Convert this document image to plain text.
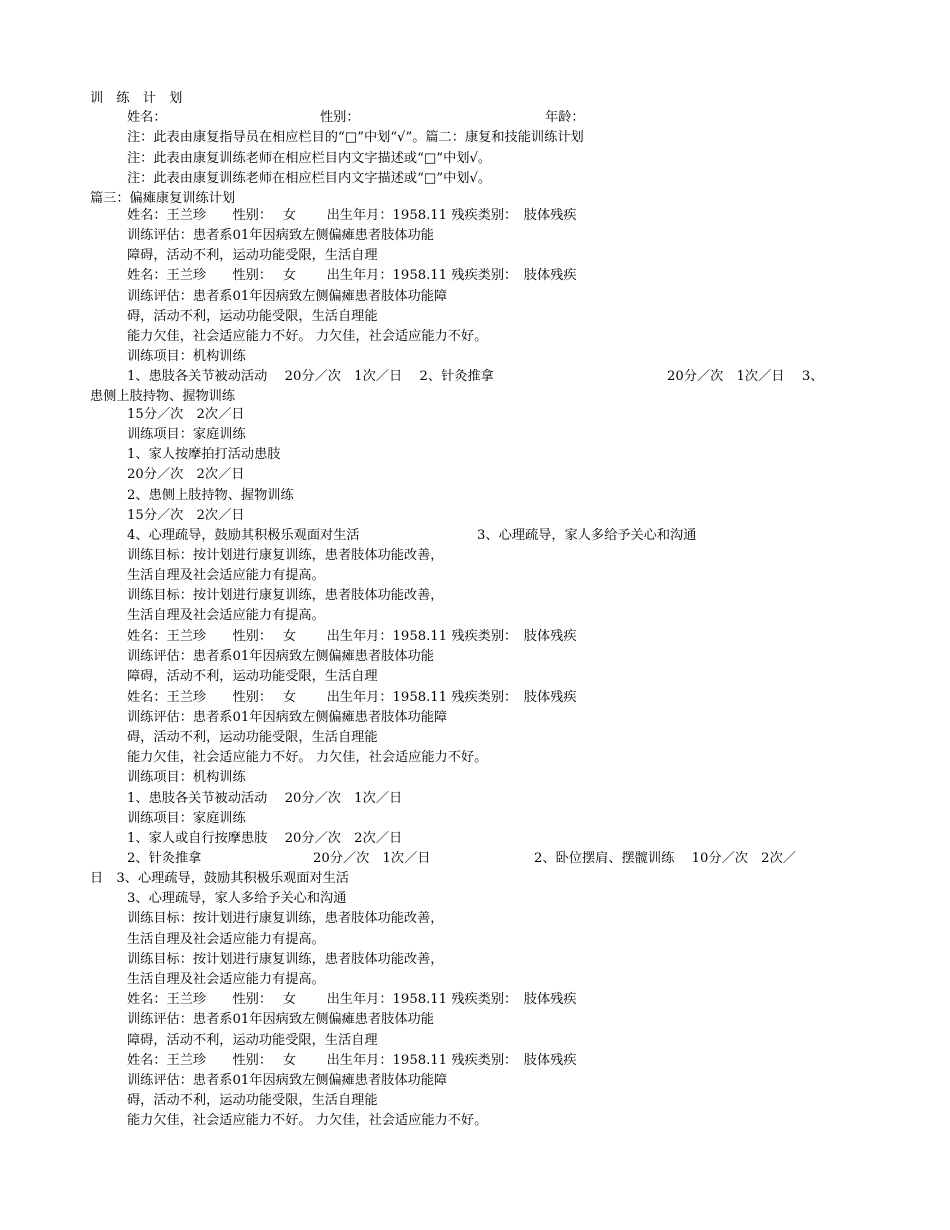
训　练　计　划
姓名：	性别：	年龄：
注：此表由康复指导员在相应栏目的“□”中划“√”。篇二：康复和技能训练计划
注：此表由康复训练老师在相应栏目内文字描述或“□”中划√。
注：此表由康复训练老师在相应栏目内文字描述或“□”中划√。
篇三：偏瘫康复训练计划
姓名：王兰珍　　性别：　 女　　 出生年月：1958.11 残疾类别：　肢体残疾
训练评估：患者系01年因病致左侧偏瘫患者肢体功能
障碍，活动不利，运动功能受限，生活自理
姓名：王兰珍　　性别：　 女　　 出生年月：1958.11 残疾类别：　肢体残疾
训练评估：患者系01年因病致左侧偏瘫患者肢体功能障
碍，活动不利，运动功能受限，生活自理能
能力欠佳，社会适应能力不好。 力欠佳，社会适应能力不好。
训练项目：机构训练
1、患肢各关节被动活动　 20分／次　1次／日　 2、针灸推拿	20分／次　1次／日　 3、
患侧上肢持物、握物训练
15分／次　2次／日
训练项目：家庭训练
1、家人按摩拍打活动患肢
20分／次　2次／日
2、患侧上肢持物、握物训练
15分／次　2次／日
4、心理疏导，鼓励其积极乐观面对生活	3、心理疏导，家人多给予关心和沟通
训练目标：按计划进行康复训练，患者肢体功能改善，
生活自理及社会适应能力有提高。
训练目标：按计划进行康复训练，患者肢体功能改善，
生活自理及社会适应能力有提高。
姓名：王兰珍　　性别：　 女　　 出生年月：1958.11 残疾类别：　肢体残疾
训练评估：患者系01年因病致左侧偏瘫患者肢体功能
障碍，活动不利，运动功能受限，生活自理
姓名：王兰珍　　性别：　 女　　 出生年月：1958.11 残疾类别：　肢体残疾
训练评估：患者系01年因病致左侧偏瘫患者肢体功能障
碍，活动不利，运动功能受限，生活自理能
能力欠佳，社会适应能力不好。 力欠佳，社会适应能力不好。
训练项目：机构训练
1、患肢各关节被动活动　 20分／次　1次／日
训练项目：家庭训练
1、家人或自行按摩患肢　 20分／次　2次／日
2、针灸推拿	20分／次　1次／日	2、卧位摆肩、摆髋训练　 10分／次　2次／
日　3、心理疏导，鼓励其积极乐观面对生活
3、心理疏导，家人多给予关心和沟通
训练目标：按计划进行康复训练，患者肢体功能改善，
生活自理及社会适应能力有提高。
训练目标：按计划进行康复训练，患者肢体功能改善，
生活自理及社会适应能力有提高。
姓名：王兰珍　　性别：　 女　　 出生年月：1958.11 残疾类别：　肢体残疾
训练评估：患者系01年因病致左侧偏瘫患者肢体功能
障碍，活动不利，运动功能受限，生活自理
姓名：王兰珍　　性别：　 女　　 出生年月：1958.11 残疾类别：　肢体残疾
训练评估：患者系01年因病致左侧偏瘫患者肢体功能障
碍，活动不利，运动功能受限，生活自理能
能力欠佳，社会适应能力不好。 力欠佳，社会适应能力不好。
